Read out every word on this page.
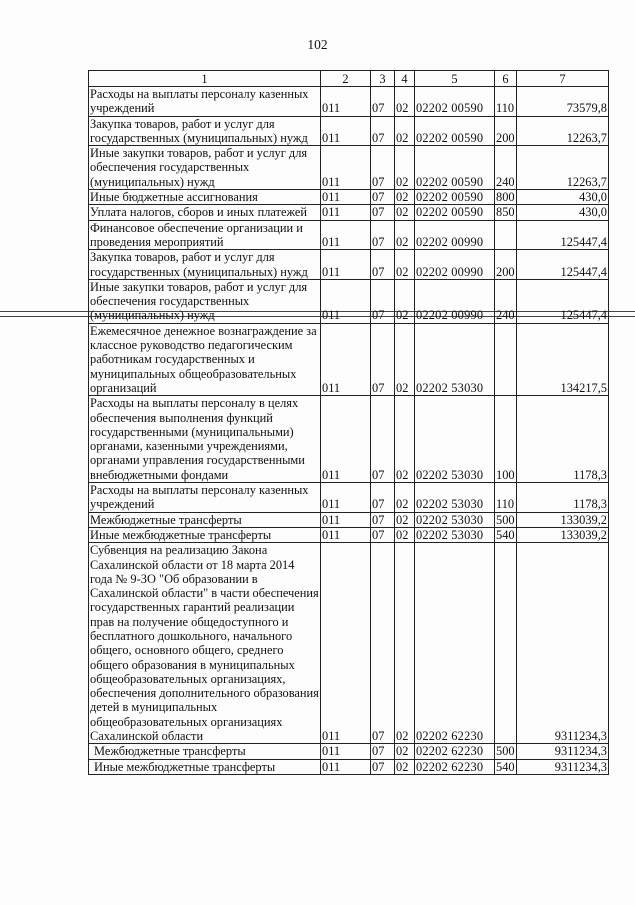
102
1	2	3	4	5	6	7
Расходы на выплаты персоналу казенных учреждений	011	07	02	02202 00590	110	73579,8
Закупка товаров, работ и услуг для государственных (муниципальных) нужд	011	07	02	02202 00590	200	12263,7
Иные закупки товаров, работ и услуг для обеспечения государственных (муниципальных) нужд	011	07	02	02202 00590	240	12263,7
Иные бюджетные ассигнования	011	07	02	02202 00590	800	430,0
Уплата налогов, сборов и иных платежей	011	07	02	02202 00590	850	430,0
Финансовое обеспечение организации и проведения мероприятий	011	07	02	02202 00990		125447,4
Закупка товаров, работ и услуг для государственных (муниципальных) нужд	011	07	02	02202 00990	200	125447,4
Иные закупки товаров, работ и услуг для обеспечения государственных (муниципальных) нужд	011	07	02	02202 00990	240	125447,4
Ежемесячное денежное вознаграждение за классное руководство педагогическим работникам государственных и муниципальных общеобразовательных организаций	011	07	02	02202 53030		134217,5
Расходы на выплаты персоналу в целях обеспечения выполнения функций государственными (муниципальными) органами, казенными учреждениями, органами управления государственными внебюджетными фондами	011	07	02	02202 53030	100	1178,3
Расходы на выплаты персоналу казенных учреждений	011	07	02	02202 53030	110	1178,3
Межбюджетные трансферты	011	07	02	02202 53030	500	133039,2
Иные межбюджетные трансферты	011	07	02	02202 53030	540	133039,2
Субвенция на реализацию Закона Сахалинской области от 18 марта 2014 года № 9-ЗО "Об образовании в Сахалинской области" в части обеспечения государственных гарантий реализации прав на получение общедоступного и бесплатного дошкольного, начального общего, основного общего, среднего общего образования в муниципальных общеобразовательных организациях, обеспечения дополнительного образования детей в муниципальных общеобразовательных организациях Сахалинской области	011	07	02	02202 62230		9311234,3
Межбюджетные трансферты	011	07	02	02202 62230	500	9311234,3
Иные межбюджетные трансферты	011	07	02	02202 62230	540	9311234,3
